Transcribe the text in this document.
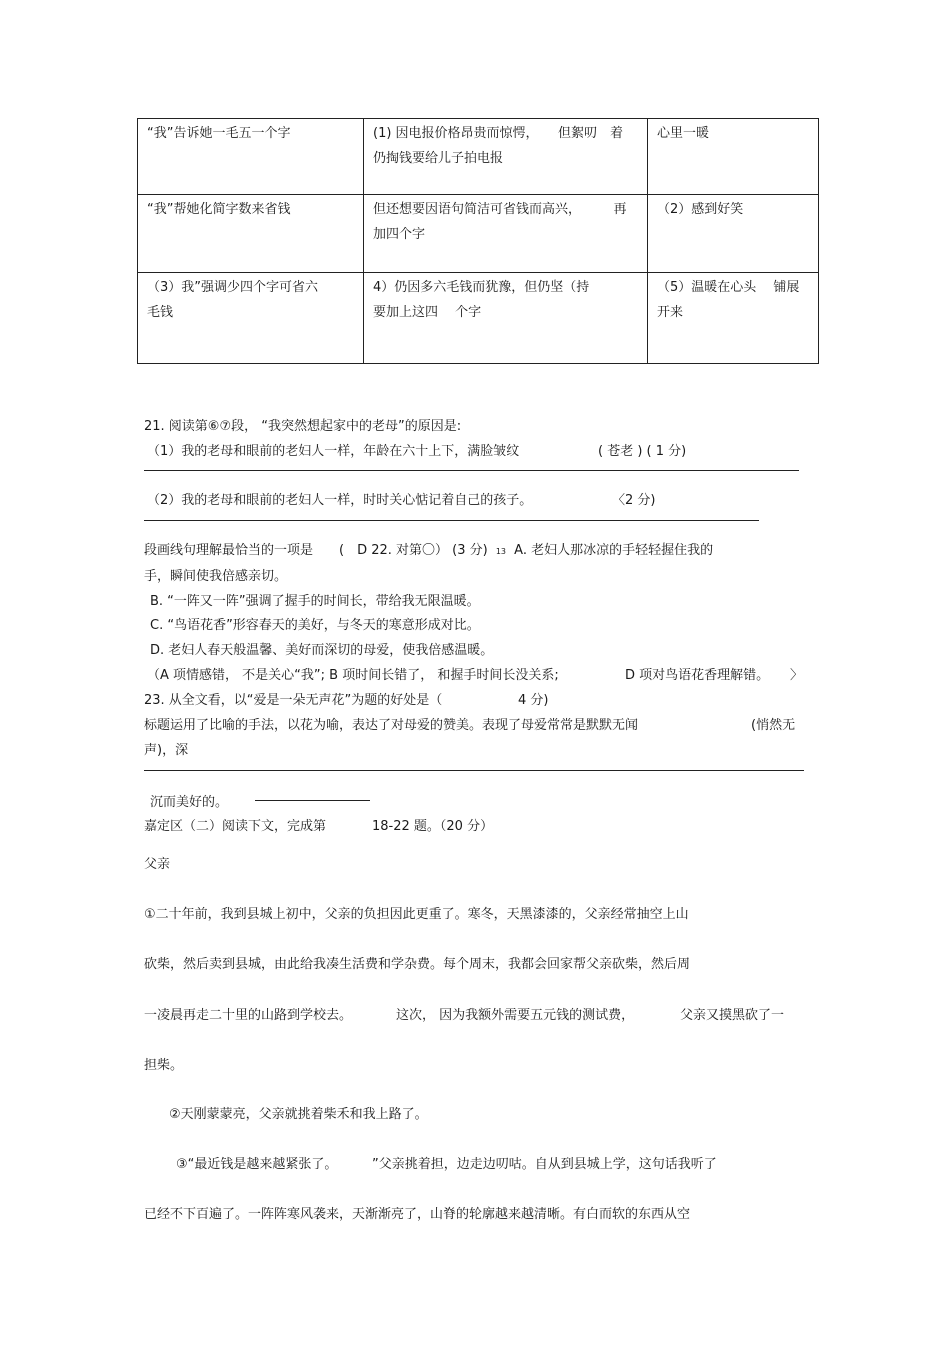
“我”告诉她一毛五一个字	(1) 因电报价格昂贵而惊愕，　　但絮叨　着
仍掏钱要给儿子拍电报	心里一暖

“我”帮她化简字数来省钱	但还想要因语句简洁可省钱而高兴，　　　再
加四个字	（2）感到好笑

（3）我”强调少四个字可省六
毛钱	4）仍因多六毛钱而犹豫，但仍坚（持
要加上这四　 个字	（5）温暖在心头　 铺展
开来
21. 阅读第⑥⑦段， “我突然想起家中的老母”的原因是:
（1）我的老母和眼前的老妇人一样，年龄在六十上下，满脸皱纹	( 苍老 ) ( 1 分)
（2）我的老母和眼前的老妇人一样，时时关心惦记着自己的孩子。	〈2 分)
段画线句理解最恰当的一项是　　(　D 22. 对第〇） (3 分) 13 A. 老妇人那冰凉的手轻轻握住我的
手，瞬间使我倍感亲切。
B. “一阵又一阵”强调了握手的时间长，带给我无限温暖。
C. “鸟语花香”形容春天的美好，与冬天的寒意形成对比。
D. 老妇人春天般温馨、美好而深切的母爱，使我倍感温暖。
（A 项情感错， 不是关心“我”; B 项时间长错了， 和握手时间长没关系;	D 项对鸟语花香理解错。 〉
23. 从全文看，以“爱是一朵无声花”为题的好处是（	4 分)
标题运用了比喻的手法，以花为喻，表达了对母爱的赞美。表现了母爱常常是默默无闻	(悄然无
声)，深
沉而美好的。
嘉定区（二）阅读下文，完成第	18-22 题。（20 分）
父亲
①二十年前，我到县城上初中，父亲的负担因此更重了。寒冬，天黑漆漆的，父亲经常抽空上山
砍柴，然后卖到县城，由此给我凑生活费和学杂费。每个周末，我都会回家帮父亲砍柴，然后周
一凌晨再走二十里的山路到学校去。	这次， 因为我额外需要五元钱的测试费，	父亲又摸黑砍了一
担柴。
②天刚蒙蒙亮，父亲就挑着柴禾和我上路了。
③“最近钱是越来越紧张了。	”父亲挑着担，边走边叨咕。自从到县城上学，这句话我听了
已经不下百遍了。一阵阵寒风袭来，天渐渐亮了，山脊的轮廓越来越清晰。有白而软的东西从空
